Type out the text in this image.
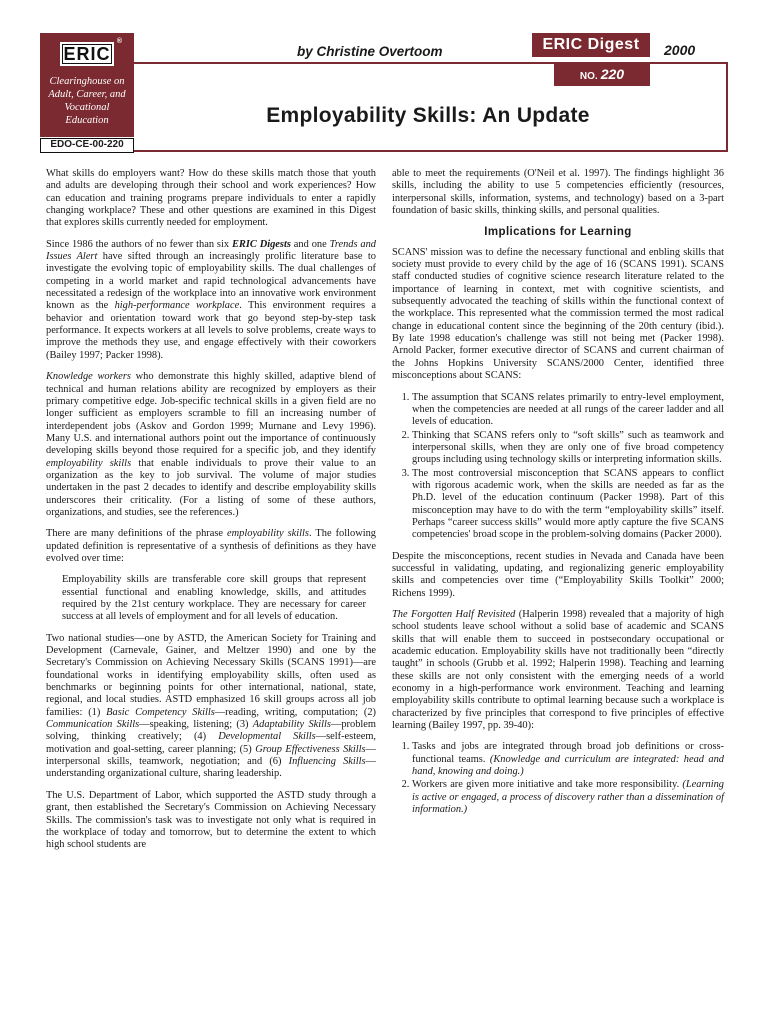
ERIC
®
Clearinghouse on Adult, Career, and Vocational Education
EDO-CE-00-220
by Christine Overtoom	ERIC Digest
NO. 220
2000
Employability Skills: An Update

What skills do employers want? How do these skills match those that youth and adults are developing through their school and work experiences? How can education and training programs prepare individuals to enter a rapidly changing workplace? These and other questions are examined in this Digest that explores skills currently needed for employment.

Since 1986 the authors of no fewer than six ERIC Digests and one Trends and Issues Alert have sifted through an increasingly prolific literature base to investigate the evolving topic of employability skills. The dual challenges of competing in a world market and rapid technological advancements have necessitated a redesign of the workplace into an innovative work environment known as the high-performance workplace. This environment requires a behavior and orientation toward work that go beyond step-by-step task performance. It expects workers at all levels to solve problems, create ways to improve the methods they use, and engage effectively with their coworkers (Bailey 1997; Packer 1998).

Knowledge workers who demonstrate this highly skilled, adaptive blend of technical and human relations ability are recognized by employers as their primary competitive edge. Job-specific technical skills in a given field are no longer sufficient as employers scramble to fill an increasing number of interdependent jobs (Askov and Gordon 1999; Murnane and Levy 1996). Many U.S. and international authors point out the importance of continuously developing skills beyond those required for a specific job, and they identify employability skills that enable individuals to prove their value to an organization as the key to job survival. The volume of major studies undertaken in the past 2 decades to identify and describe employability skills underscores their criticality. (For a listing of some of these authors, organizations, and studies, see the references.)

There are many definitions of the phrase employability skills. The following updated definition is representative of a synthesis of definitions as they have evolved over time:

Employability skills are transferable core skill groups that represent essential functional and enabling knowledge, skills, and attitudes required by the 21st century workplace. They are necessary for career success at all levels of employment and for all levels of education.

Two national studies—one by ASTD, the American Society for Training and Development (Carnevale, Gainer, and Meltzer 1990) and one by the Secretary's Commission on Achieving Necessary Skills (SCANS 1991)—are foundational works in identifying employability skills, often used as benchmarks or beginning points for other international, national, state, regional, and local studies. ASTD emphasized 16 skill groups across all job families: (1) Basic Competency Skills—reading, writing, computation; (2) Communication Skills—speaking, listening; (3) Adaptability Skills—problem solving, thinking creatively; (4) Developmental Skills—self-esteem, motivation and goal-setting, career planning; (5) Group Effectiveness Skills—interpersonal skills, teamwork, negotiation; and (6) Influencing Skills—understanding organizational culture, sharing leadership.

The U.S. Department of Labor, which supported the ASTD study through a grant, then established the Secretary's Commission on Achieving Necessary Skills. The commission's task was to investigate not only what is required in the workplace of today and tomorrow, but to determine the extent to which high school students are

able to meet the requirements (O'Neil et al. 1997). The findings highlight 36 skills, including the ability to use 5 competencies efficiently (resources, interpersonal skills, information, systems, and technology) based on a 3-part foundation of basic skills, thinking skills, and personal qualities.

Implications for Learning

SCANS' mission was to define the necessary functional and enbling skills that society must provide to every child by the age of 16 (SCANS 1991). SCANS staff conducted studies of cognitive science research literature related to the importance of learning in context, met with cognitive scientists, and subsequently advocated the teaching of skills within the functional context of the workplace. This represented what the commission termed the most radical change in educational content since the beginning of the 20th century (ibid.). By late 1998 education's challenge was still not being met (Packer 1998). Arnold Packer, former executive director of SCANS and current chairman of the Johns Hopkins University SCANS/2000 Center, identified three misconceptions about SCANS:

1. The assumption that SCANS relates primarily to entry-level employment, when the competencies are needed at all rungs of the career ladder and all levels of education.
2. Thinking that SCANS refers only to “soft skills” such as teamwork and interpersonal skills, when they are only one of five broad competency groups including using technology skills or interpreting information skills.
3. The most controversial misconception that SCANS appears to conflict with rigorous academic work, when the skills are needed as far as the Ph.D. level of the education continuum (Packer 1998). Part of this misconception may have to do with the term “employability skills” itself. Perhaps “career success skills” would more aptly capture the five SCANS competencies' broad scope in the problem-solving domains (Packer 2000).

Despite the misconceptions, recent studies in Nevada and Canada have been successful in validating, updating, and regionalizing generic employability skills and competencies over time (“Employability Skills Toolkit” 2000; Richens 1999).

The Forgotten Half Revisited (Halperin 1998) revealed that a majority of high school students leave school without a solid base of academic and SCANS skills that will enable them to succeed in postsecondary occupational or academic education. Employability skills have not traditionally been “directly taught” in schools (Grubb et al. 1992; Halperin 1998). Teaching and learning these skills are not only consistent with the emerging needs of a world economy in a high-performance work environment. Teaching and learning employability skills contribute to optimal learning because such a workplace is characterized by five principles that correspond to five principles of effective learning (Bailey 1997, pp. 39-40):

1. Tasks and jobs are integrated through broad job definitions or cross-functional teams. (Knowledge and curriculum are integrated: head and hand, knowing and doing.)
2. Workers are given more initiative and take more responsibility. (Learning is active or engaged, a process of discovery rather than a dissemination of information.)
